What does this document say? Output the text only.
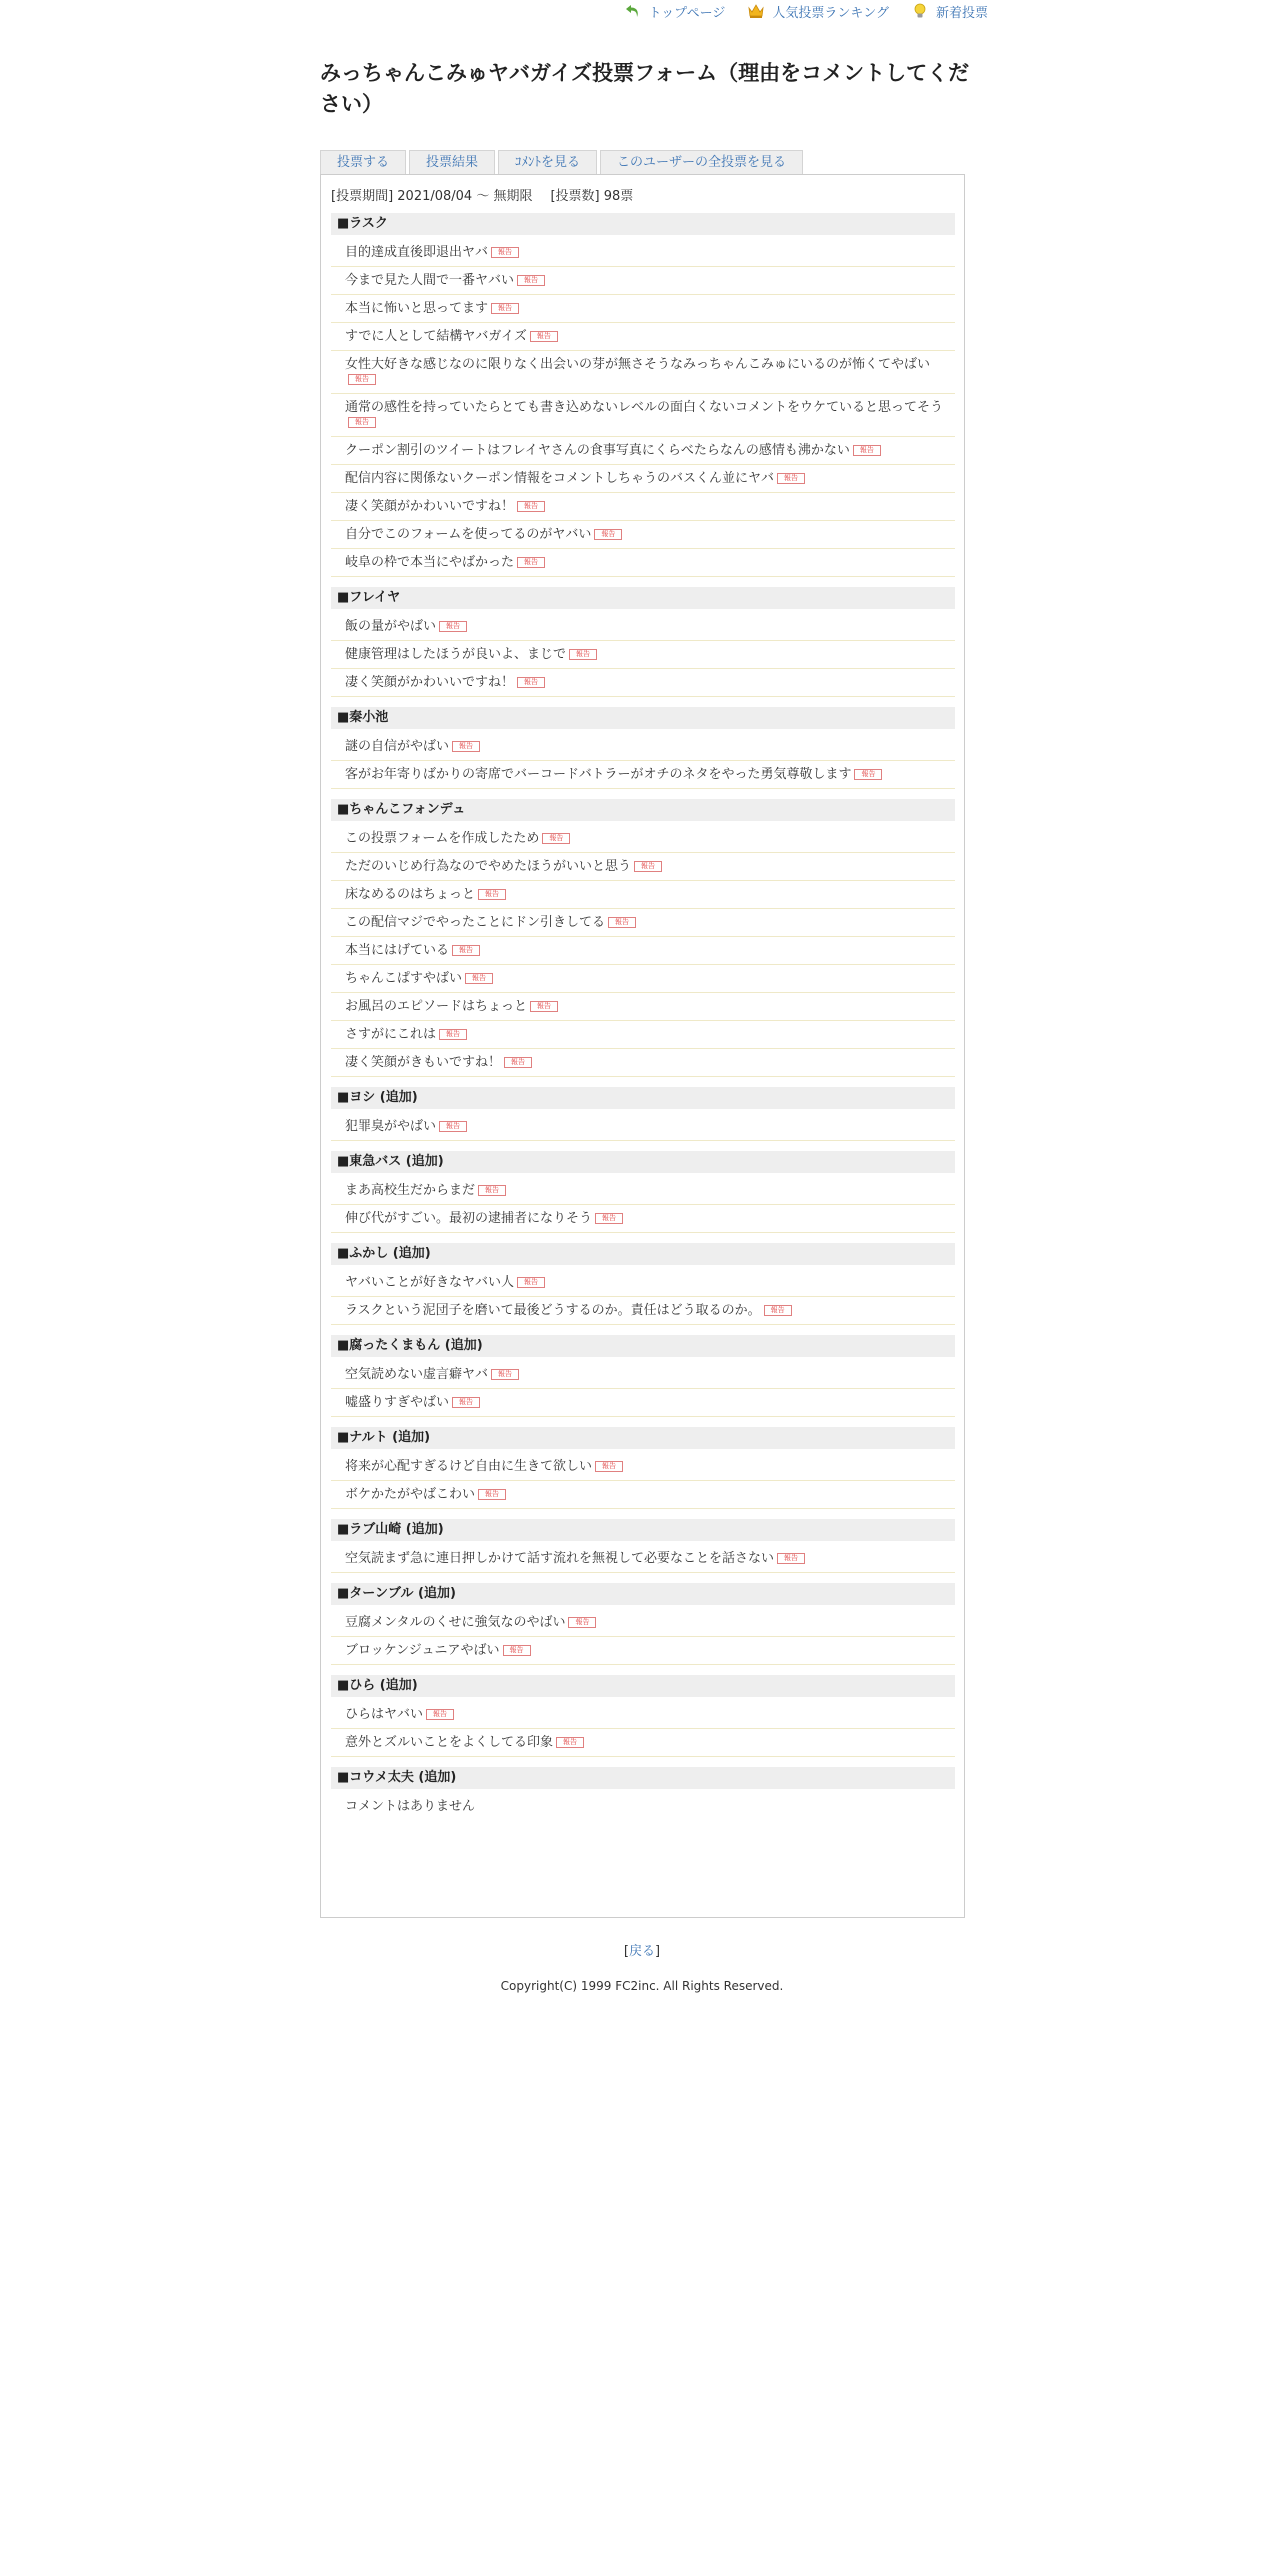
トップページ	人気投票ランキング	新着投票
みっちゃんこみゅヤバガイズ投票フォーム（理由をコメントしてください）
投票する	投票結果	ｺﾒﾝﾄを見る	このユーザーの全投票を見る
[投票期間] 2021/08/04 ～ 無期限 [投票数] 98票
■ラスク
目的達成直後即退出ヤバ 報告
今まで見た人間で一番ヤバい 報告
本当に怖いと思ってます 報告
すでに人として結構ヤバガイズ 報告
女性大好きな感じなのに限りなく出会いの芽が無さそうなみっちゃんこみゅにいるのが怖くてやばい報告
通常の感性を持っていたらとても書き込めないレベルの面白くないコメントをウケていると思ってそう報告
クーポン割引のツイートはフレイヤさんの食事写真にくらべたらなんの感情も沸かない 報告
配信内容に関係ないクーポン情報をコメントしちゃうのバスくん並にヤバ 報告
凄く笑顔がかわいいですね！ 報告
自分でこのフォームを使ってるのがヤバい 報告
岐阜の枠で本当にやばかった 報告
■フレイヤ
飯の量がやばい 報告
健康管理はしたほうが良いよ、まじで 報告
凄く笑顔がかわいいですね！ 報告
■秦小池
謎の自信がやばい 報告
客がお年寄りばかりの寄席でバーコードバトラーがオチのネタをやった勇気尊敬します 報告
■ちゃんこフォンデュ
この投票フォームを作成したため 報告
ただのいじめ行為なのでやめたほうがいいと思う 報告
床なめるのはちょっと 報告
この配信マジでやったことにドン引きしてる 報告
本当にはげている 報告
ちゃんこぱすやばい 報告
お風呂のエピソードはちょっと 報告
さすがにこれは 報告
凄く笑顔がきもいですね！ 報告
■ヨシ (追加)
犯罪臭がやばい 報告
■東急バス (追加)
まあ高校生だからまだ 報告
伸び代がすごい。最初の逮捕者になりそう 報告
■ふかし (追加)
ヤバいことが好きなヤバい人 報告
ラスクという泥団子を磨いて最後どうするのか。責任はどう取るのか。 報告
■腐ったくまもん (追加)
空気読めない虚言癖ヤバ 報告
嘘盛りすぎやばい 報告
■ナルト (追加)
将来が心配すぎるけど自由に生きて欲しい 報告
ボケかたがやばこわい 報告
■ラブ山崎 (追加)
空気読まず急に連日押しかけて話す流れを無視して必要なことを話さない 報告
■ターンブル (追加)
豆腐メンタルのくせに強気なのやばい 報告
ブロッケンジュニアやばい 報告
■ひら (追加)
ひらはヤバい 報告
意外とズルいことをよくしてる印象 報告
■コウメ太夫 (追加)
コメントはありません
[戻る]
Copyright(C) 1999 FC2inc. All Rights Reserved.
